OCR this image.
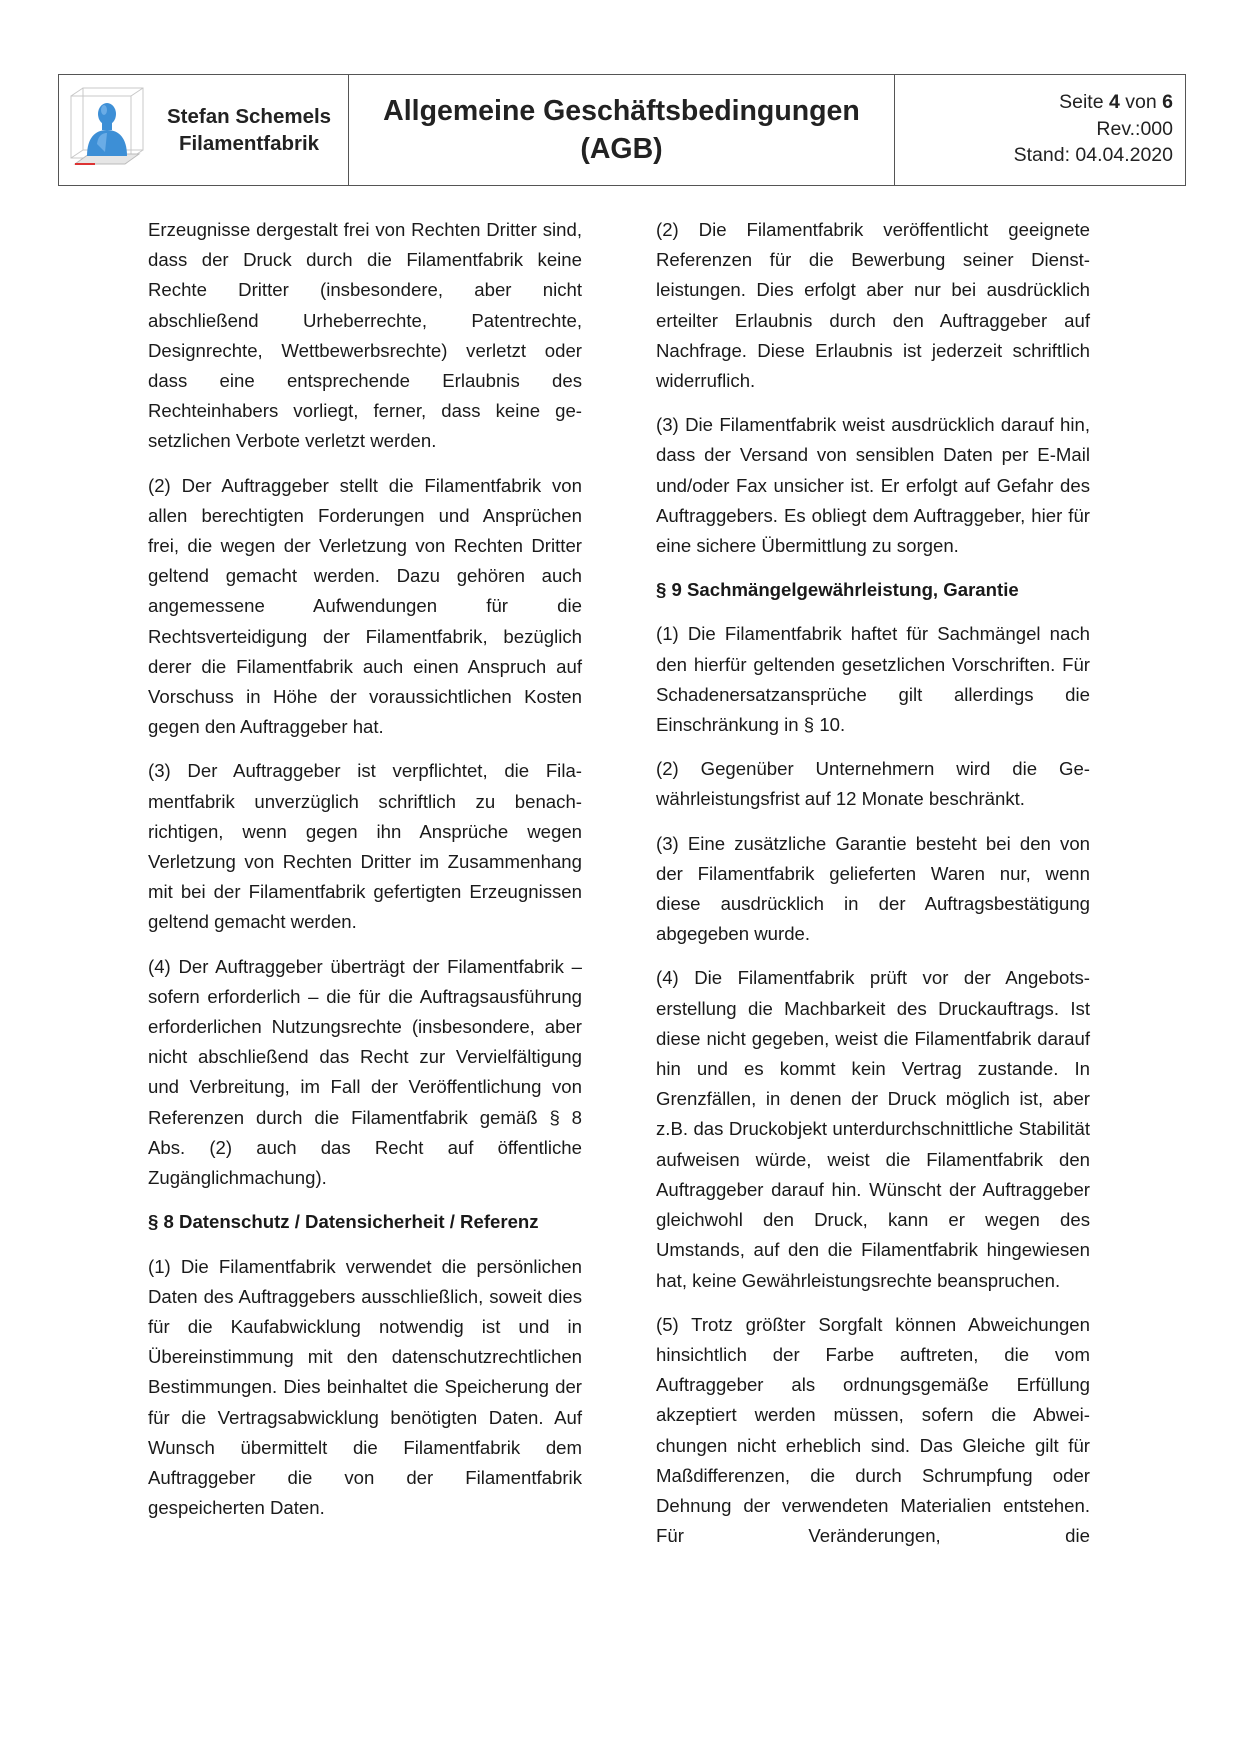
Stefan Schemels
Filamentfabrik
Allgemeine Geschäftsbedingungen
(AGB)
Seite 4 von 6
Rev.:000
Stand: 04.04.2020

Erzeugnisse dergestalt frei von Rechten Dritter sind, dass der Druck durch die Filamentfabrik keine Rechte Dritter (insbesondere, aber nicht abschließend Urheberrechte, Patentrechte, Designrechte, Wettbewerbsrechte) verletzt oder dass eine entsprechende Erlaubnis des Rechteinhabers vorliegt, ferner, dass keine gesetzlichen Verbote verletzt werden.

(2) Der Auftraggeber stellt die Filamentfabrik von allen berechtigten Forderungen und Ansprüchen frei, die wegen der Verletzung von Rechten Dritter geltend gemacht werden. Dazu gehören auch angemessene Aufwendungen für die Rechtsverteidigung der Filamentfabrik, bezüglich derer die Filamentfabrik auch einen Anspruch auf Vorschuss in Höhe der voraussichtlichen Kosten gegen den Auftraggeber hat.

(3) Der Auftraggeber ist verpflichtet, die Filamentfabrik unverzüglich schriftlich zu benachrichtigen, wenn gegen ihn Ansprüche wegen Verletzung von Rechten Dritter im Zusammenhang mit bei der Filamentfabrik gefertigten Erzeugnissen geltend gemacht werden.

(4) Der Auftraggeber überträgt der Filamentfabrik – sofern erforderlich – die für die Auftragsausführung erforderlichen Nutzungsrechte (insbesondere, aber nicht abschließend das Recht zur Vervielfältigung und Verbreitung, im Fall der Veröffentlichung von Referenzen durch die Filamentfabrik gemäß § 8 Abs. (2) auch das Recht auf öffentliche Zugänglichmachung).

§ 8 Datenschutz / Datensicherheit / Referenz

(1) Die Filamentfabrik verwendet die persönlichen Daten des Auftraggebers ausschließlich, soweit dies für die Kaufabwicklung notwendig ist und in Übereinstimmung mit den datenschutzrechtlichen Bestimmungen. Dies beinhaltet die Speicherung der für die Vertragsabwicklung benötigten Daten. Auf Wunsch übermittelt die Filamentfabrik dem Auftraggeber die von der Filamentfabrik gespeicherten Daten.

(2) Die Filamentfabrik veröffentlicht geeignete Referenzen für die Bewerbung seiner Dienstleistungen. Dies erfolgt aber nur bei ausdrücklich erteilter Erlaubnis durch den Auftraggeber auf Nachfrage. Diese Erlaubnis ist jederzeit schriftlich widerruflich.

(3) Die Filamentfabrik weist ausdrücklich darauf hin, dass der Versand von sensiblen Daten per E-Mail und/oder Fax unsicher ist. Er erfolgt auf Gefahr des Auftraggebers. Es obliegt dem Auftraggeber, hier für eine sichere Übermittlung zu sorgen.

§ 9 Sachmängelgewährleistung, Garantie

(1) Die Filamentfabrik haftet für Sachmängel nach den hierfür geltenden gesetzlichen Vorschriften. Für Schadenersatzansprüche gilt allerdings die Einschränkung in § 10.

(2) Gegenüber Unternehmern wird die Gewährleistungsfrist auf 12 Monate beschränkt.

(3) Eine zusätzliche Garantie besteht bei den von der Filamentfabrik gelieferten Waren nur, wenn diese ausdrücklich in der Auftragsbestätigung abgegeben wurde.

(4) Die Filamentfabrik prüft vor der Angebotserstellung die Machbarkeit des Druckauftrags. Ist diese nicht gegeben, weist die Filamentfabrik darauf hin und es kommt kein Vertrag zustande. In Grenzfällen, in denen der Druck möglich ist, aber z.B. das Druckobjekt unterdurchschnittliche Stabilität aufweisen würde, weist die Filamentfabrik den Auftraggeber darauf hin. Wünscht der Auftraggeber gleichwohl den Druck, kann er wegen des Umstands, auf den die Filamentfabrik hingewiesen hat, keine Gewährleistungsrechte beanspruchen.

(5) Trotz größter Sorgfalt können Abweichungen hinsichtlich der Farbe auftreten, die vom Auftraggeber als ordnungsgemäße Erfüllung akzeptiert werden müssen, sofern die Abweichungen nicht erheblich sind. Das Gleiche gilt für Maßdifferenzen, die durch Schrumpfung oder Dehnung der verwendeten Materialien entstehen. Für Veränderungen, die
